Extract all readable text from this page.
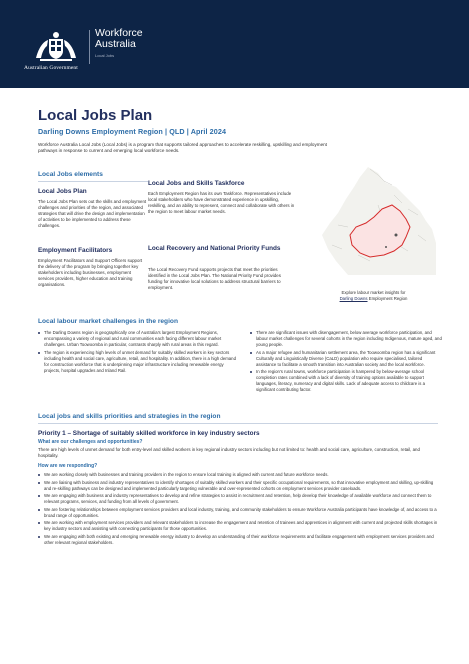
Australian Government
Workforce
Australia
Local Jobs
Local Jobs Plan
Darling Downs Employment Region | QLD | April 2024
Workforce Australia Local Jobs (Local Jobs) is a program that supports tailored approaches to accelerate reskilling, upskilling and employment pathways in response to current and emerging local workforce needs.
Local Jobs elements
Local Jobs Plan
The Local Jobs Plan sets out the skills and employment challenges and priorities of the region, and associated strategies that will drive the design and implementation of activities to be implemented to address these challenges.
Employment Facilitators
Employment Facilitators and Support Officers support the delivery of the program by bringing together key stakeholders including businesses, employment services providers, higher education and training organisations.
Local Jobs and Skills Taskforce
Each Employment Region has its own Taskforce. Representatives include local stakeholders who have demonstrated experience in upskilling, reskilling, and an ability to represent, connect and collaborate with others in the region to meet labour market needs.
Local Recovery and National Priority Funds
The Local Recovery Fund supports projects that meet the priorities identified in the Local Jobs Plan. The National Priority Fund provides funding for innovative local solutions to address structural barriers to employment.
Explore labour market insights for
Darling Downs Employment Region
Local labour market challenges in the region
The Darling Downs region is geographically one of Australia's largest Employment Regions, encompassing a variety of regional and rural communities each facing different labour market challenges. Urban Toowoomba in particular, contrasts sharply with rural areas in this regard.
The region is experiencing high levels of unmet demand for suitably skilled workers in key sectors including health and social care, agriculture, retail, and hospitality. In addition, there is a high demand for construction workforce that is underpinning major infrastructure including renewable energy projects, hospital upgrades and Inland Rail.
There are significant issues with disengagement, below average workforce participation, and labour market challenges for several cohorts in the region including Indigenous, mature aged, and young people.
As a major refugee and humanitarian settlement area, the Toowoomba region has a significant Culturally and Linguistically Diverse (CaLD) population who require specialised, tailored assistance to facilitate a smooth transition into Australian society and the local workforce.
In the region's rural towns, workforce participation is hampered by below-average school completion rates combined with a lack of diversity of training options available to support languages, literacy, numeracy and digital skills. Lack of adequate access to childcare is a significant contributing factor.
Local jobs and skills priorities and strategies in the region
Priority 1 – Shortage of suitably skilled workforce in key industry sectors
What are our challenges and opportunities?
There are high levels of unmet demand for both entry-level and skilled workers in key regional industry sectors including but not limited to: health and social care, agriculture, construction, retail, and hospitality.
How are we responding?
We are working closely with businesses and training providers in the region to ensure local training is aligned with current and future workforce needs.
We are liaising with business and industry representatives to identify shortages of suitably skilled workers and their specific occupational requirements, so that innovative employment and skilling, up-skilling and re-skilling pathways can be designed and implemented particularly targeting vulnerable and over-represented cohorts on employment services provider caseloads.
We are engaging with business and industry representatives to develop and refine strategies to assist in recruitment and retention, help develop their knowledge of available workforce and connect them to relevant programs, services, and funding from all levels of government.
We are fostering relationships between employment services providers and local industry, training, and community stakeholders to ensure Workforce Australia participants have knowledge of, and access to a broad range of opportunities.
We are working with employment services providers and relevant stakeholders to increase the engagement and retention of trainees and apprentices in alignment with current and projected skills shortages in key industry sectors and assisting with connecting participants for those opportunities.
We are engaging with both existing and emerging renewable energy industry to develop an understanding of their workforce requirements and facilitate engagement with employment services providers and other relevant regional stakeholders.
